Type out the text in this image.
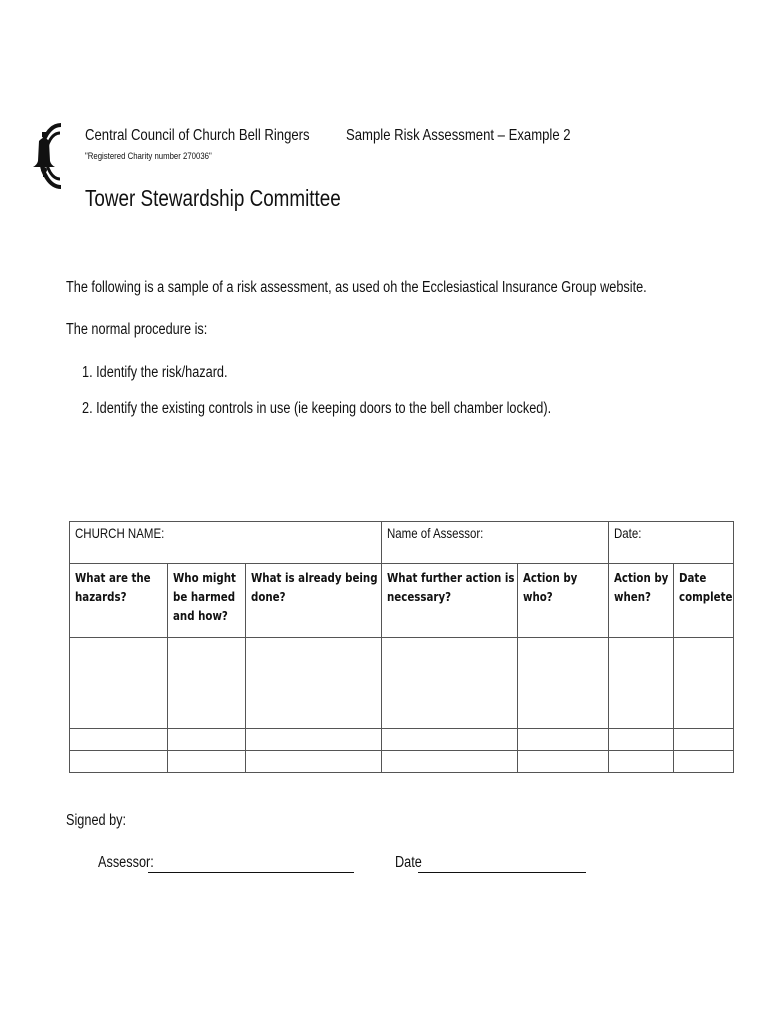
Central Council of Church Bell Ringers
"Registered Charity number 270036"
Sample Risk Assessment – Example 2
Tower Stewardship Committee
The following is a sample of a risk assessment, as used oh the Ecclesiastical Insurance Group website.
The normal procedure is:
1. Identify the risk/hazard.
2. Identify the existing controls in use (ie keeping doors to the bell chamber locked).
CHURCH NAME:			Name of Assessor:		Date:	

What are the hazards?	Who might be harmed and how?	What is already being done?	What further action is necessary?	Action by who?	Action by when?	Date complete

Signed by:
Assessor:	Date
